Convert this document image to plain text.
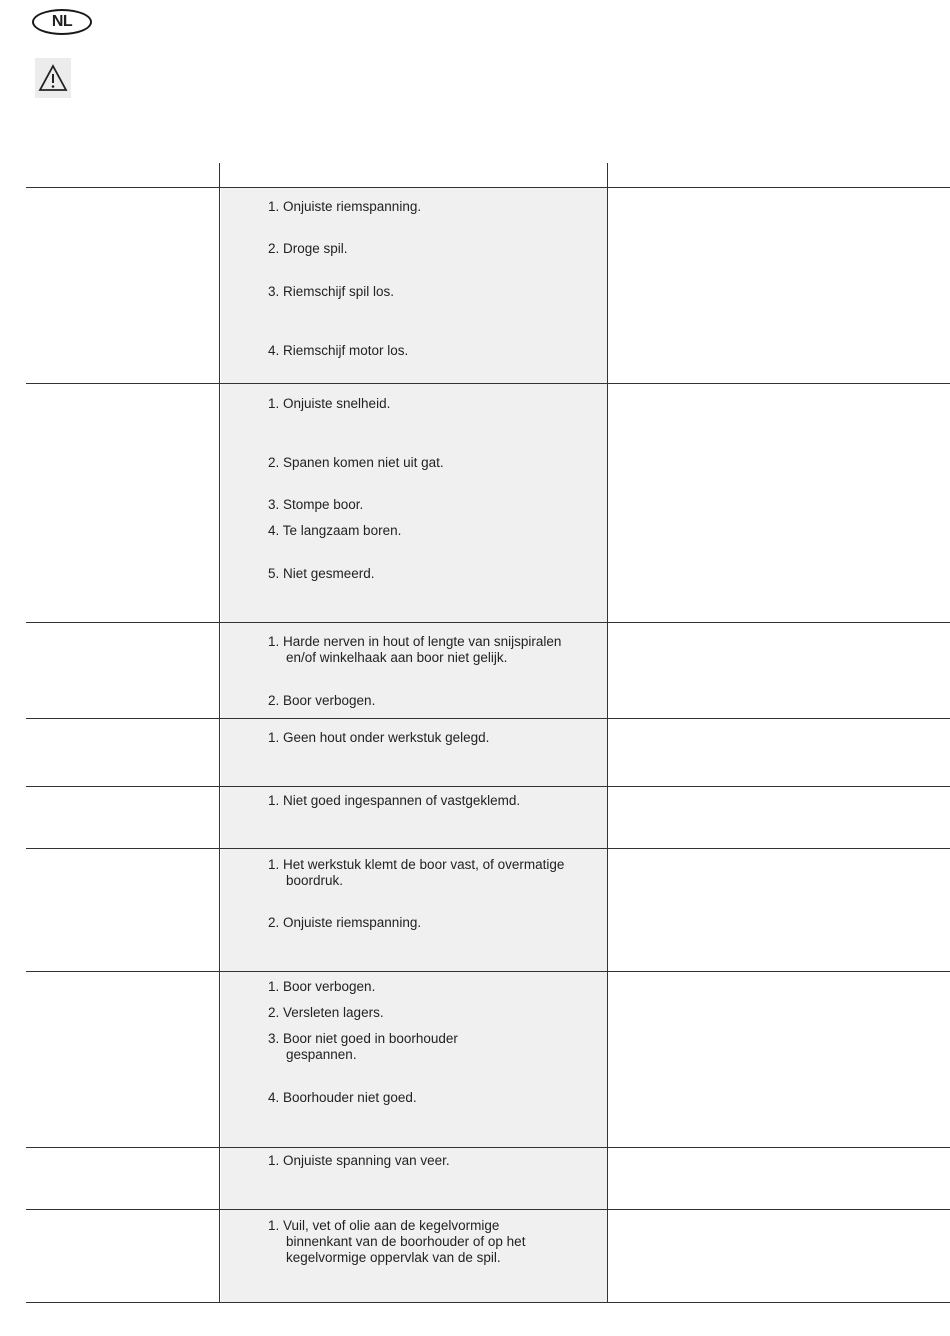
NL
1. Onjuiste riemspanning.
2. Droge spil.
3. Riemschijf spil los.
4. Riemschijf motor los.
1. Onjuiste snelheid.
2. Spanen komen niet uit gat.
3. Stompe boor.
4. Te langzaam boren.
5. Niet gesmeerd.
1. Harde nerven in hout of lengte van snijspiralen en/of winkelhaak aan boor niet gelijk.
2. Boor verbogen.
1. Geen hout onder werkstuk gelegd.
1. Niet goed ingespannen of vastgeklemd.
1. Het werkstuk klemt de boor vast, of overmatige boordruk.
2. Onjuiste riemspanning.
1. Boor verbogen.
2. Versleten lagers.
3. Boor niet goed in boorhouder gespannen.
4. Boorhouder niet goed.
1. Onjuiste spanning van veer.
1. Vuil, vet of olie aan de kegelvormige binnenkant van de boorhouder of op het kegelvormige oppervlak van de spil.
